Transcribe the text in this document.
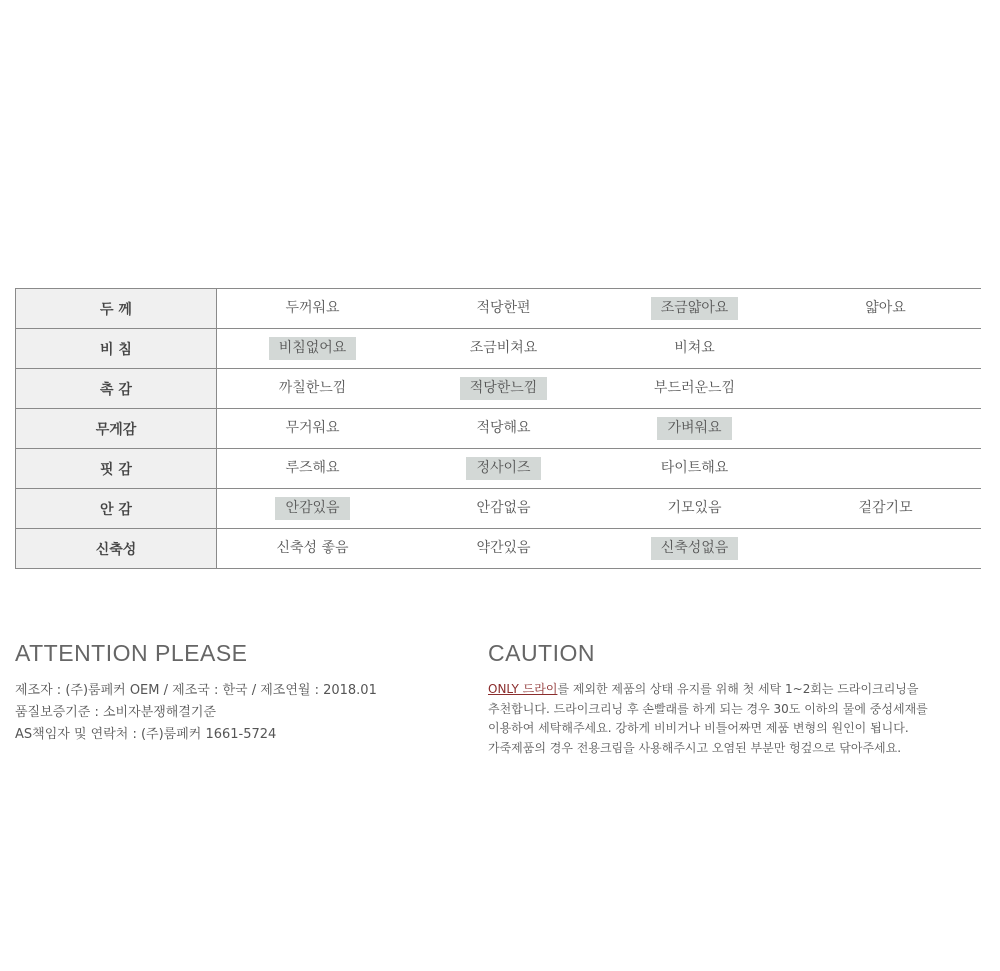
두 께	두꺼워요	적당한편	조금얇아요	얇아요
비 침	비침없어요	조금비쳐요	비쳐요	
촉 감	까칠한느낌	적당한느낌	부드러운느낌	
무게감	무거워요	적당해요	가벼워요	
핏 감	루즈해요	정사이즈	타이트해요	
안 감	안감있음	안감없음	기모있음	겉감기모
신축성	신축성 좋음	약간있음	신축성없음	
ATTENTION PLEASE
제조자 : (주)룸페커 OEM / 제조국 : 한국 / 제조연월 : 2018.01
품질보증기준 : 소비자분쟁해결기준
AS책임자 및 연락처 : (주)룸페커 1661-5724
CAUTION
ONLY 드라이를 제외한 제품의 상태 유지를 위해 첫 세탁 1~2회는 드라이크리닝을
추천합니다. 드라이크리닝 후 손빨래를 하게 되는 경우 30도 이하의 물에 중성세재를
이용하여 세탁해주세요. 강하게 비비거나 비틀어짜면 제품 변형의 원인이 됩니다.
가죽제품의 경우 전용크림을 사용해주시고 오염된 부분만 헝겊으로 닦아주세요.
